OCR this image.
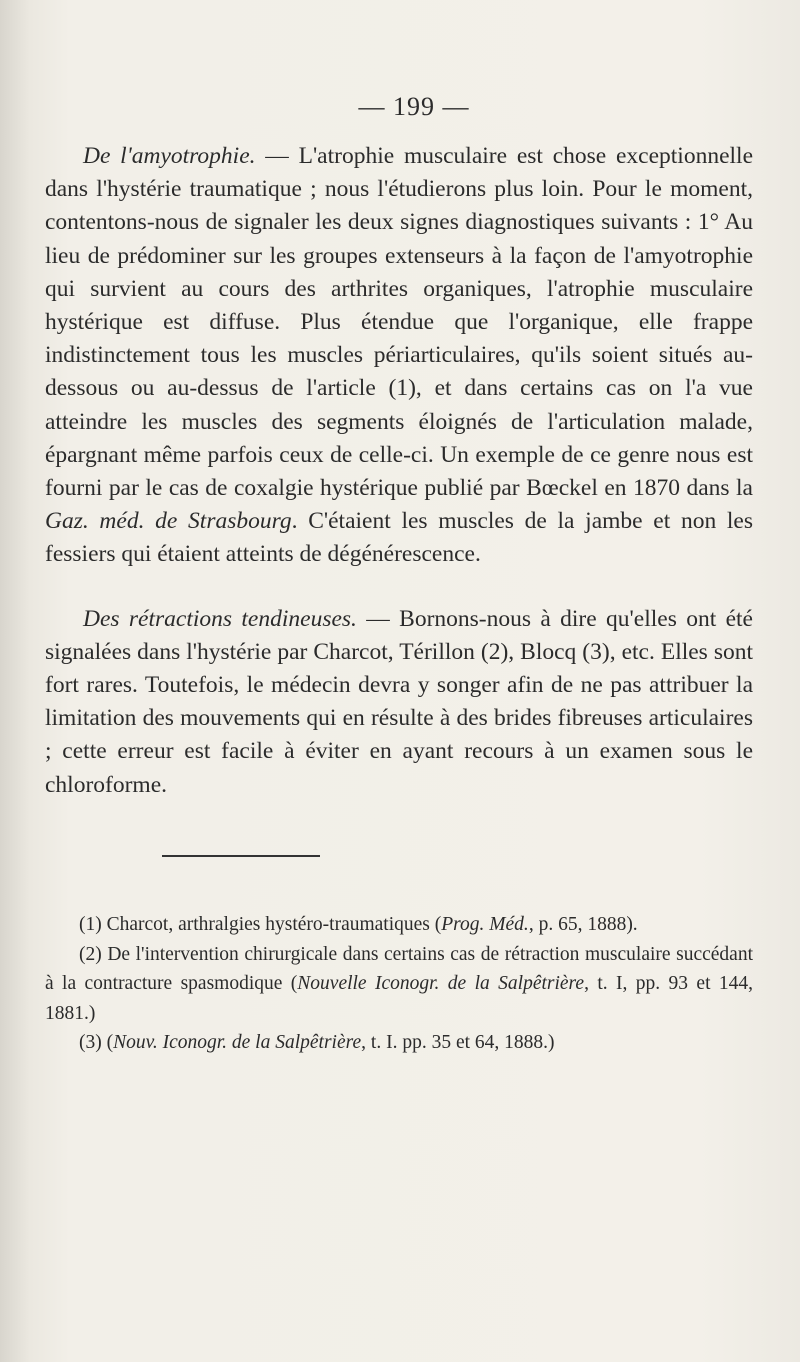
— 199 —

De l'amyotrophie. — L'atrophie musculaire est chose exceptionnelle dans l'hystérie traumatique ; nous l'étudierons plus loin. Pour le moment, contentons-nous de signaler les deux signes diagnostiques suivants : 1° Au lieu de prédominer sur les groupes extenseurs à la façon de l'amyotrophie qui survient au cours des arthrites organiques, l'atrophie musculaire hystérique est diffuse. Plus étendue que l'organique, elle frappe indistinctement tous les muscles périarticulaires, qu'ils soient situés au-dessous ou au-dessus de l'article (1), et dans certains cas on l'a vue atteindre les muscles des segments éloignés de l'articulation malade, épargnant même parfois ceux de celle-ci. Un exemple de ce genre nous est fourni par le cas de coxalgie hystérique publié par Bœckel en 1870 dans la Gaz. méd. de Strasbourg. C'étaient les muscles de la jambe et non les fessiers qui étaient atteints de dégénérescence.

Des rétractions tendineuses. — Bornons-nous à dire qu'elles ont été signalées dans l'hystérie par Charcot, Térillon (2), Blocq (3), etc. Elles sont fort rares. Toutefois, le médecin devra y songer afin de ne pas attribuer la limitation des mouvements qui en résulte à des brides fibreuses articulaires ; cette erreur est facile à éviter en ayant recours à un examen sous le chloroforme.

(1) Charcot, arthralgies hystéro-traumatiques (Prog. Méd., p. 65, 1888).

(2) De l'intervention chirurgicale dans certains cas de rétraction musculaire succédant à la contracture spasmodique (Nouvelle Iconogr. de la Salpêtrière, t. I, pp. 93 et 144, 1881.)

(3) (Nouv. Iconogr. de la Salpêtrière, t. I. pp. 35 et 64, 1888.)
